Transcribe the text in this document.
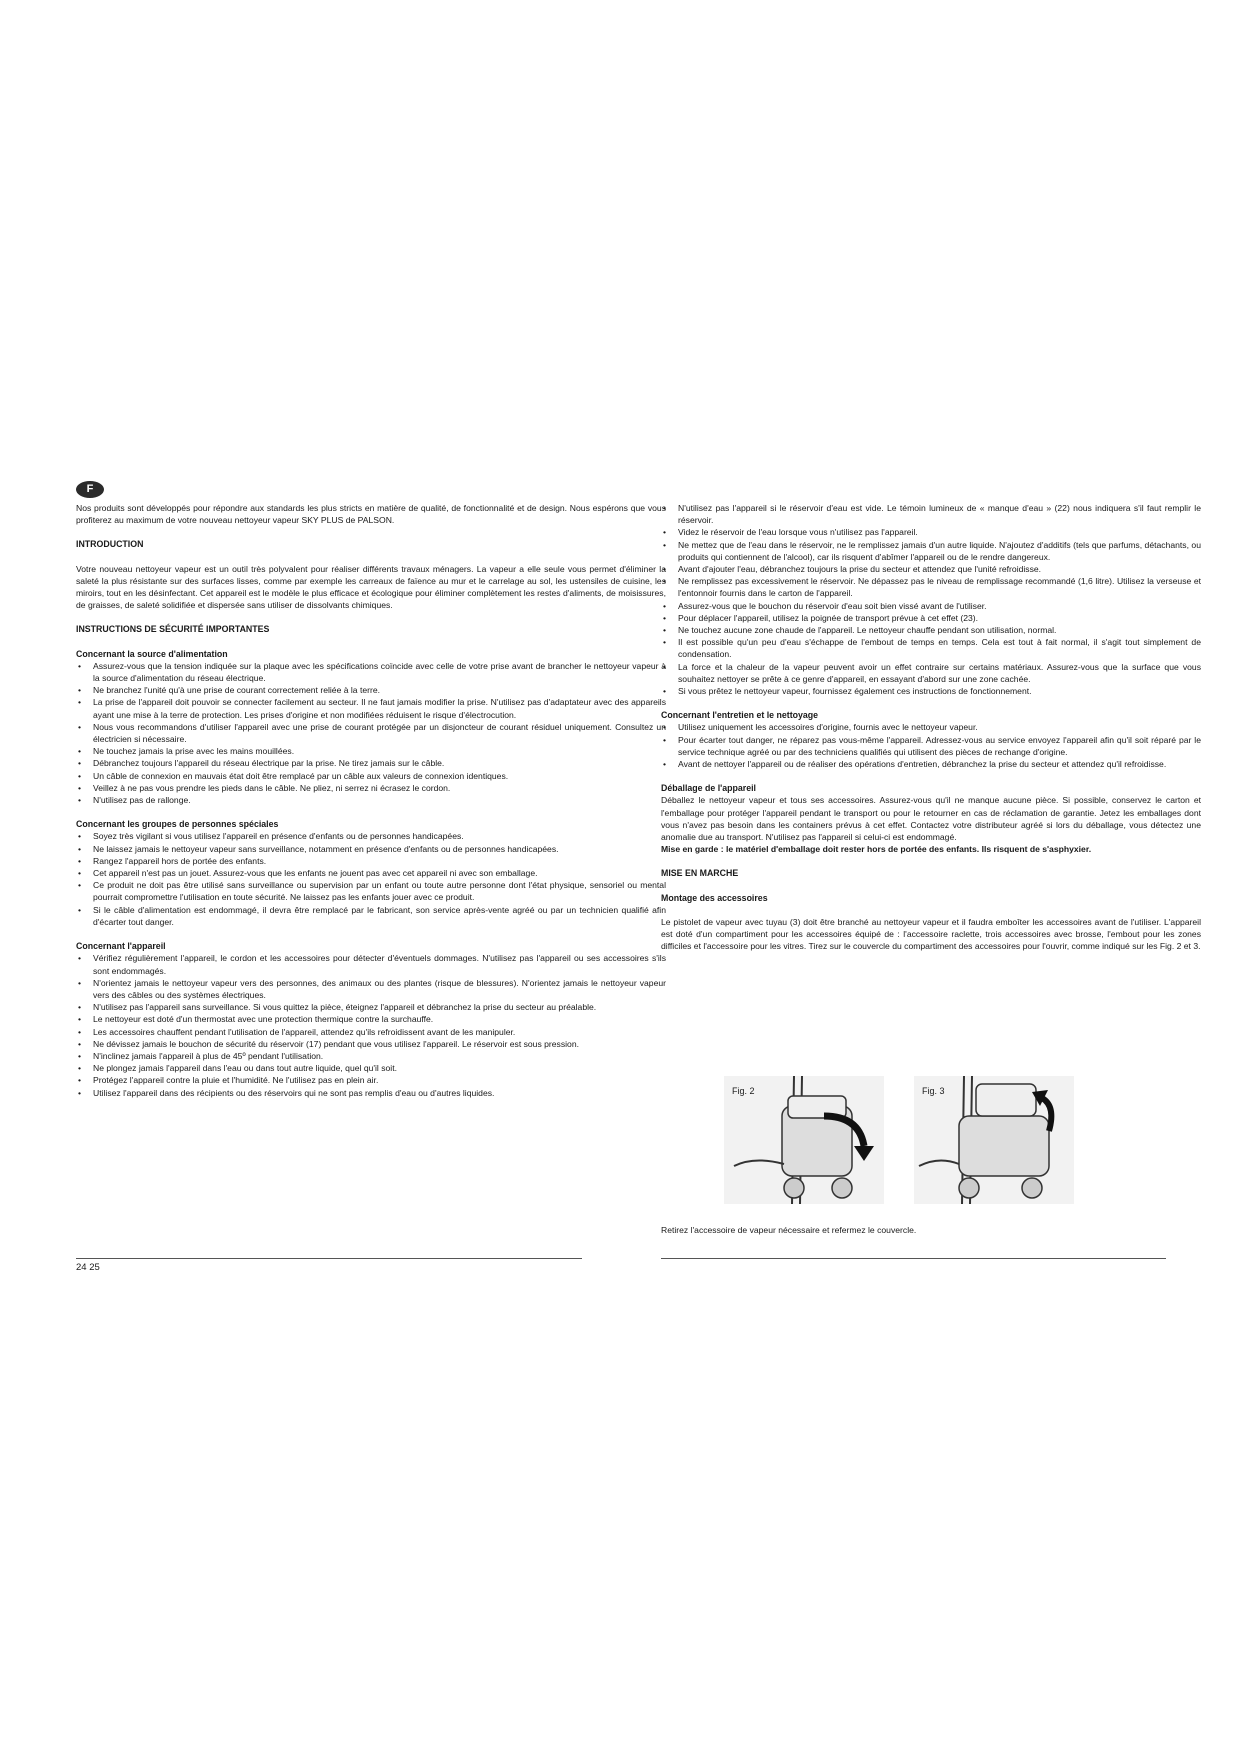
F

Nos produits sont développés pour répondre aux standards les plus stricts en matière de qualité, de fonctionnalité et de design. Nous espérons que vous profiterez au maximum de votre nouveau nettoyeur vapeur SKY PLUS de PALSON.

INTRODUCTION

Votre nouveau nettoyeur vapeur est un outil très polyvalent pour réaliser différents travaux ménagers. La vapeur a elle seule vous permet d'éliminer la saleté la plus résistante sur des surfaces lisses, comme par exemple les carreaux de faïence au mur et le carrelage au sol, les ustensiles de cuisine, les miroirs, tout en les désinfectant. Cet appareil est le modèle le plus efficace et écologique pour éliminer complètement les restes d'aliments, de moisissures, de graisses, de saleté solidifiée et dispersée sans utiliser de dissolvants chimiques.

INSTRUCTIONS DE SÉCURITÉ IMPORTANTES
Concernant la source d'alimentation
• Assurez-vous que la tension indiquée sur la plaque avec les spécifications coïncide avec celle de votre prise avant de brancher le nettoyeur vapeur à la source d'alimentation du réseau électrique.
• Ne branchez l'unité qu'à une prise de courant correctement reliée à la terre.
• La prise de l'appareil doit pouvoir se connecter facilement au secteur. Il ne faut jamais modifier la prise. N'utilisez pas d'adaptateur avec des appareils ayant une mise à la terre de protection. Les prises d'origine et non modifiées réduisent le risque d'électrocution.
• Nous vous recommandons d'utiliser l'appareil avec une prise de courant protégée par un disjoncteur de courant résiduel uniquement. Consultez un électricien si nécessaire.
• Ne touchez jamais la prise avec les mains mouillées.
• Débranchez toujours l'appareil du réseau électrique par la prise. Ne tirez jamais sur le câble.
• Un câble de connexion en mauvais état doit être remplacé par un câble aux valeurs de connexion identiques.
• Veillez à ne pas vous prendre les pieds dans le câble. Ne pliez, ni serrez ni écrasez le cordon.
• N'utilisez pas de rallonge.
Concernant les groupes de personnes spéciales
• Soyez très vigilant si vous utilisez l'appareil en présence d'enfants ou de personnes handicapées.
• Ne laissez jamais le nettoyeur vapeur sans surveillance, notamment en présence d'enfants ou de personnes handicapées.
• Rangez l'appareil hors de portée des enfants.
• Cet appareil n'est pas un jouet. Assurez-vous que les enfants ne jouent pas avec cet appareil ni avec son emballage.
• Ce produit ne doit pas être utilisé sans surveillance ou supervision par un enfant ou toute autre personne dont l'état physique, sensoriel ou mental pourrait compromettre l'utilisation en toute sécurité. Ne laissez pas les enfants jouer avec ce produit.
• Si le câble d'alimentation est endommagé, il devra être remplacé par le fabricant, son service après-vente agréé ou par un technicien qualifié afin d'écarter tout danger.
Concernant l'appareil
• Vérifiez régulièrement l'appareil, le cordon et les accessoires pour détecter d'éventuels dommages. N'utilisez pas l'appareil ou ses accessoires s'ils sont endommagés.
• N'orientez jamais le nettoyeur vapeur vers des personnes, des animaux ou des plantes (risque de blessures). N'orientez jamais le nettoyeur vapeur vers des câbles ou des systèmes électriques.
• N'utilisez pas l'appareil sans surveillance. Si vous quittez la pièce, éteignez l'appareil et débranchez la prise du secteur au préalable.
• Le nettoyeur est doté d'un thermostat avec une protection thermique contre la surchauffe.
• Les accessoires chauffent pendant l'utilisation de l'appareil, attendez qu'ils refroidissent avant de les manipuler.
• Ne dévissez jamais le bouchon de sécurité du réservoir (17) pendant que vous utilisez l'appareil. Le réservoir est sous pression.
• N'inclinez jamais l'appareil à plus de 45º pendant l'utilisation.
• Ne plongez jamais l'appareil dans l'eau ou dans tout autre liquide, quel qu'il soit.
• Protégez l'appareil contre la pluie et l'humidité. Ne l'utilisez pas en plein air.
• Utilisez l'appareil dans des récipients ou des réservoirs qui ne sont pas remplis d'eau ou d'autres liquides.
• N'utilisez pas l'appareil si le réservoir d'eau est vide. Le témoin lumineux de « manque d'eau » (22) nous indiquera s'il faut remplir le réservoir.
• Videz le réservoir de l'eau lorsque vous n'utilisez pas l'appareil.
• Ne mettez que de l'eau dans le réservoir, ne le remplissez jamais d'un autre liquide. N'ajoutez d'additifs (tels que parfums, détachants, ou produits qui contiennent de l'alcool), car ils risquent d'abîmer l'appareil ou de le rendre dangereux.
• Avant d'ajouter l'eau, débranchez toujours la prise du secteur et attendez que l'unité refroidisse.
• Ne remplissez pas excessivement le réservoir. Ne dépassez pas le niveau de remplissage recommandé (1,6 litre). Utilisez la verseuse et l'entonnoir fournis dans le carton de l'appareil.
• Assurez-vous que le bouchon du réservoir d'eau soit bien vissé avant de l'utiliser.
• Pour déplacer l'appareil, utilisez la poignée de transport prévue à cet effet (23).
• Ne touchez aucune zone chaude de l'appareil. Le nettoyeur chauffe pendant son utilisation, normal.
• Il est possible qu'un peu d'eau s'échappe de l'embout de temps en temps. Cela est tout à fait normal, il s'agit tout simplement de condensation.
• La force et la chaleur de la vapeur peuvent avoir un effet contraire sur certains matériaux. Assurez-vous que la surface que vous souhaitez nettoyer se prête à ce genre d'appareil, en essayant d'abord sur une zone cachée.
• Si vous prêtez le nettoyeur vapeur, fournissez également ces instructions de fonctionnement.
Concernant l'entretien et le nettoyage
• Utilisez uniquement les accessoires d'origine, fournis avec le nettoyeur vapeur.
• Pour écarter tout danger, ne réparez pas vous-même l'appareil. Adressez-vous au service envoyez l'appareil afin qu'il soit réparé par le service technique agréé ou par des techniciens qualifiés qui utilisent des pièces de rechange d'origine.
• Avant de nettoyer l'appareil ou de réaliser des opérations d'entretien, débranchez la prise du secteur et attendez qu'il refroidisse.
Déballage de l'appareil

Déballez le nettoyeur vapeur et tous ses accessoires. Assurez-vous qu'il ne manque aucune pièce. Si possible, conservez le carton et l'emballage pour protéger l'appareil pendant le transport ou pour le retourner en cas de réclamation de garantie. Jetez les emballages dont vous n'avez pas besoin dans les containers prévus à cet effet. Contactez votre distributeur agréé si lors du déballage, vous détectez une anomalie due au transport. N'utilisez pas l'appareil si celui-ci est endommagé.

Mise en garde : le matériel d'emballage doit rester hors de portée des enfants. Ils risquent de s'asphyxier.

MISE EN MARCHE
Montage des accessoires

Le pistolet de vapeur avec tuyau (3) doit être branché au nettoyeur vapeur et il faudra emboîter les accessoires avant de l'utiliser. L'appareil est doté d'un compartiment pour les accessoires équipé de : l'accessoire raclette, trois accessoires avec brosse, l'embout pour les zones difficiles et l'accessoire pour les vitres. Tirez sur le couvercle du compartiment des accessoires pour l'ouvrir, comme indiqué sur les Fig. 2 et 3.

Fig. 2	Fig. 3

Retirez l'accessoire de vapeur nécessaire et refermez le couvercle.

24 25
